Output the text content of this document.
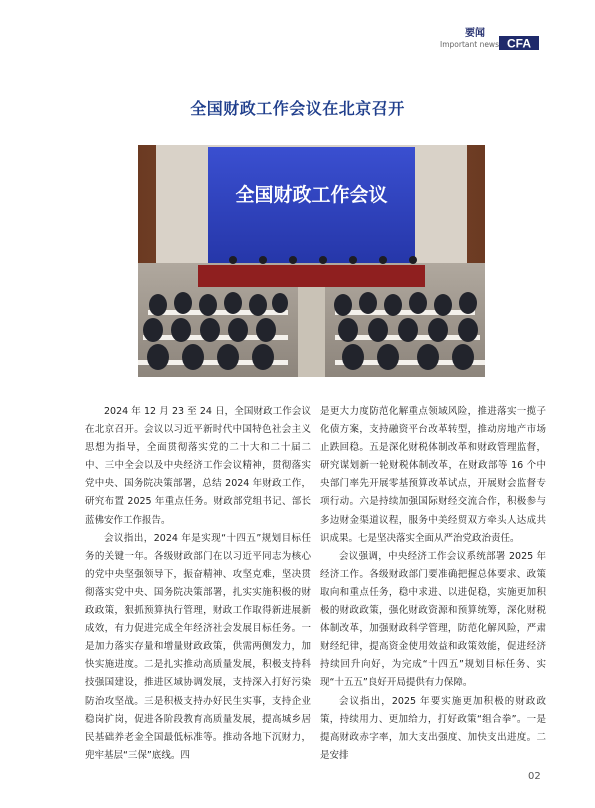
要闻
Important news CFA
全国财政工作会议在北京召开
全国财政工作会议

2024 年 12 月 23 至 24 日，全国财政工作会议在北京召开。会议以习近平新时代中国特色社会主义思想为指导，全面贯彻落实党的二十大和二十届二中、三中全会以及中央经济工作会议精神，贯彻落实党中央、国务院决策部署，总结 2024 年财政工作，研究布置 2025 年重点任务。财政部党组书记、部长蓝佛安作工作报告。

会议指出，2024 年是实现“十四五”规划目标任务的关键一年。各级财政部门在以习近平同志为核心的党中央坚强领导下，振奋精神、攻坚克难，坚决贯彻落实党中央、国务院决策部署，扎实实施积极的财政政策，狠抓预算执行管理，财政工作取得新进展新成效，有力促进完成全年经济社会发展目标任务。一是加力落实存量和增量财政政策，供需两侧发力，加快实施进度。二是扎实推动高质量发展，积极支持科技强国建设，推进区域协调发展，支持深入打好污染防治攻坚战。三是积极支持办好民生实事，支持企业稳岗扩岗，促进各阶段教育高质量发展，提高城乡居民基础养老金全国最低标准等。推动各地下沉财力，兜牢基层“三保”底线。四

是更大力度防范化解重点领域风险，推进落实一揽子化债方案，支持融资平台改革转型，推动房地产市场止跌回稳。五是深化财税体制改革和财政管理监督，研究谋划新一轮财税体制改革，在财政部等 16 个中央部门率先开展零基预算改革试点，开展财会监督专项行动。六是持续加强国际财经交流合作，积极参与多边财金渠道议程，服务中美经贸双方牵头人达成共识成果。七是坚决落实全面从严治党政治责任。

会议强调，中央经济工作会议系统部署 2025 年经济工作。各级财政部门要准确把握总体要求、政策取向和重点任务，稳中求进、以进促稳，实施更加积极的财政政策，强化财政资源和预算统筹，深化财税体制改革，加强财政科学管理，防范化解风险，严肃财经纪律，提高资金使用效益和政策效能，促进经济持续回升向好，为完成“十四五”规划目标任务、实现“十五五”良好开局提供有力保障。

会议指出，2025 年要实施更加积极的财政政策，持续用力、更加给力，打好政策“组合拳”。一是提高财政赤字率，加大支出强度、加快支出进度。二是安排

02
